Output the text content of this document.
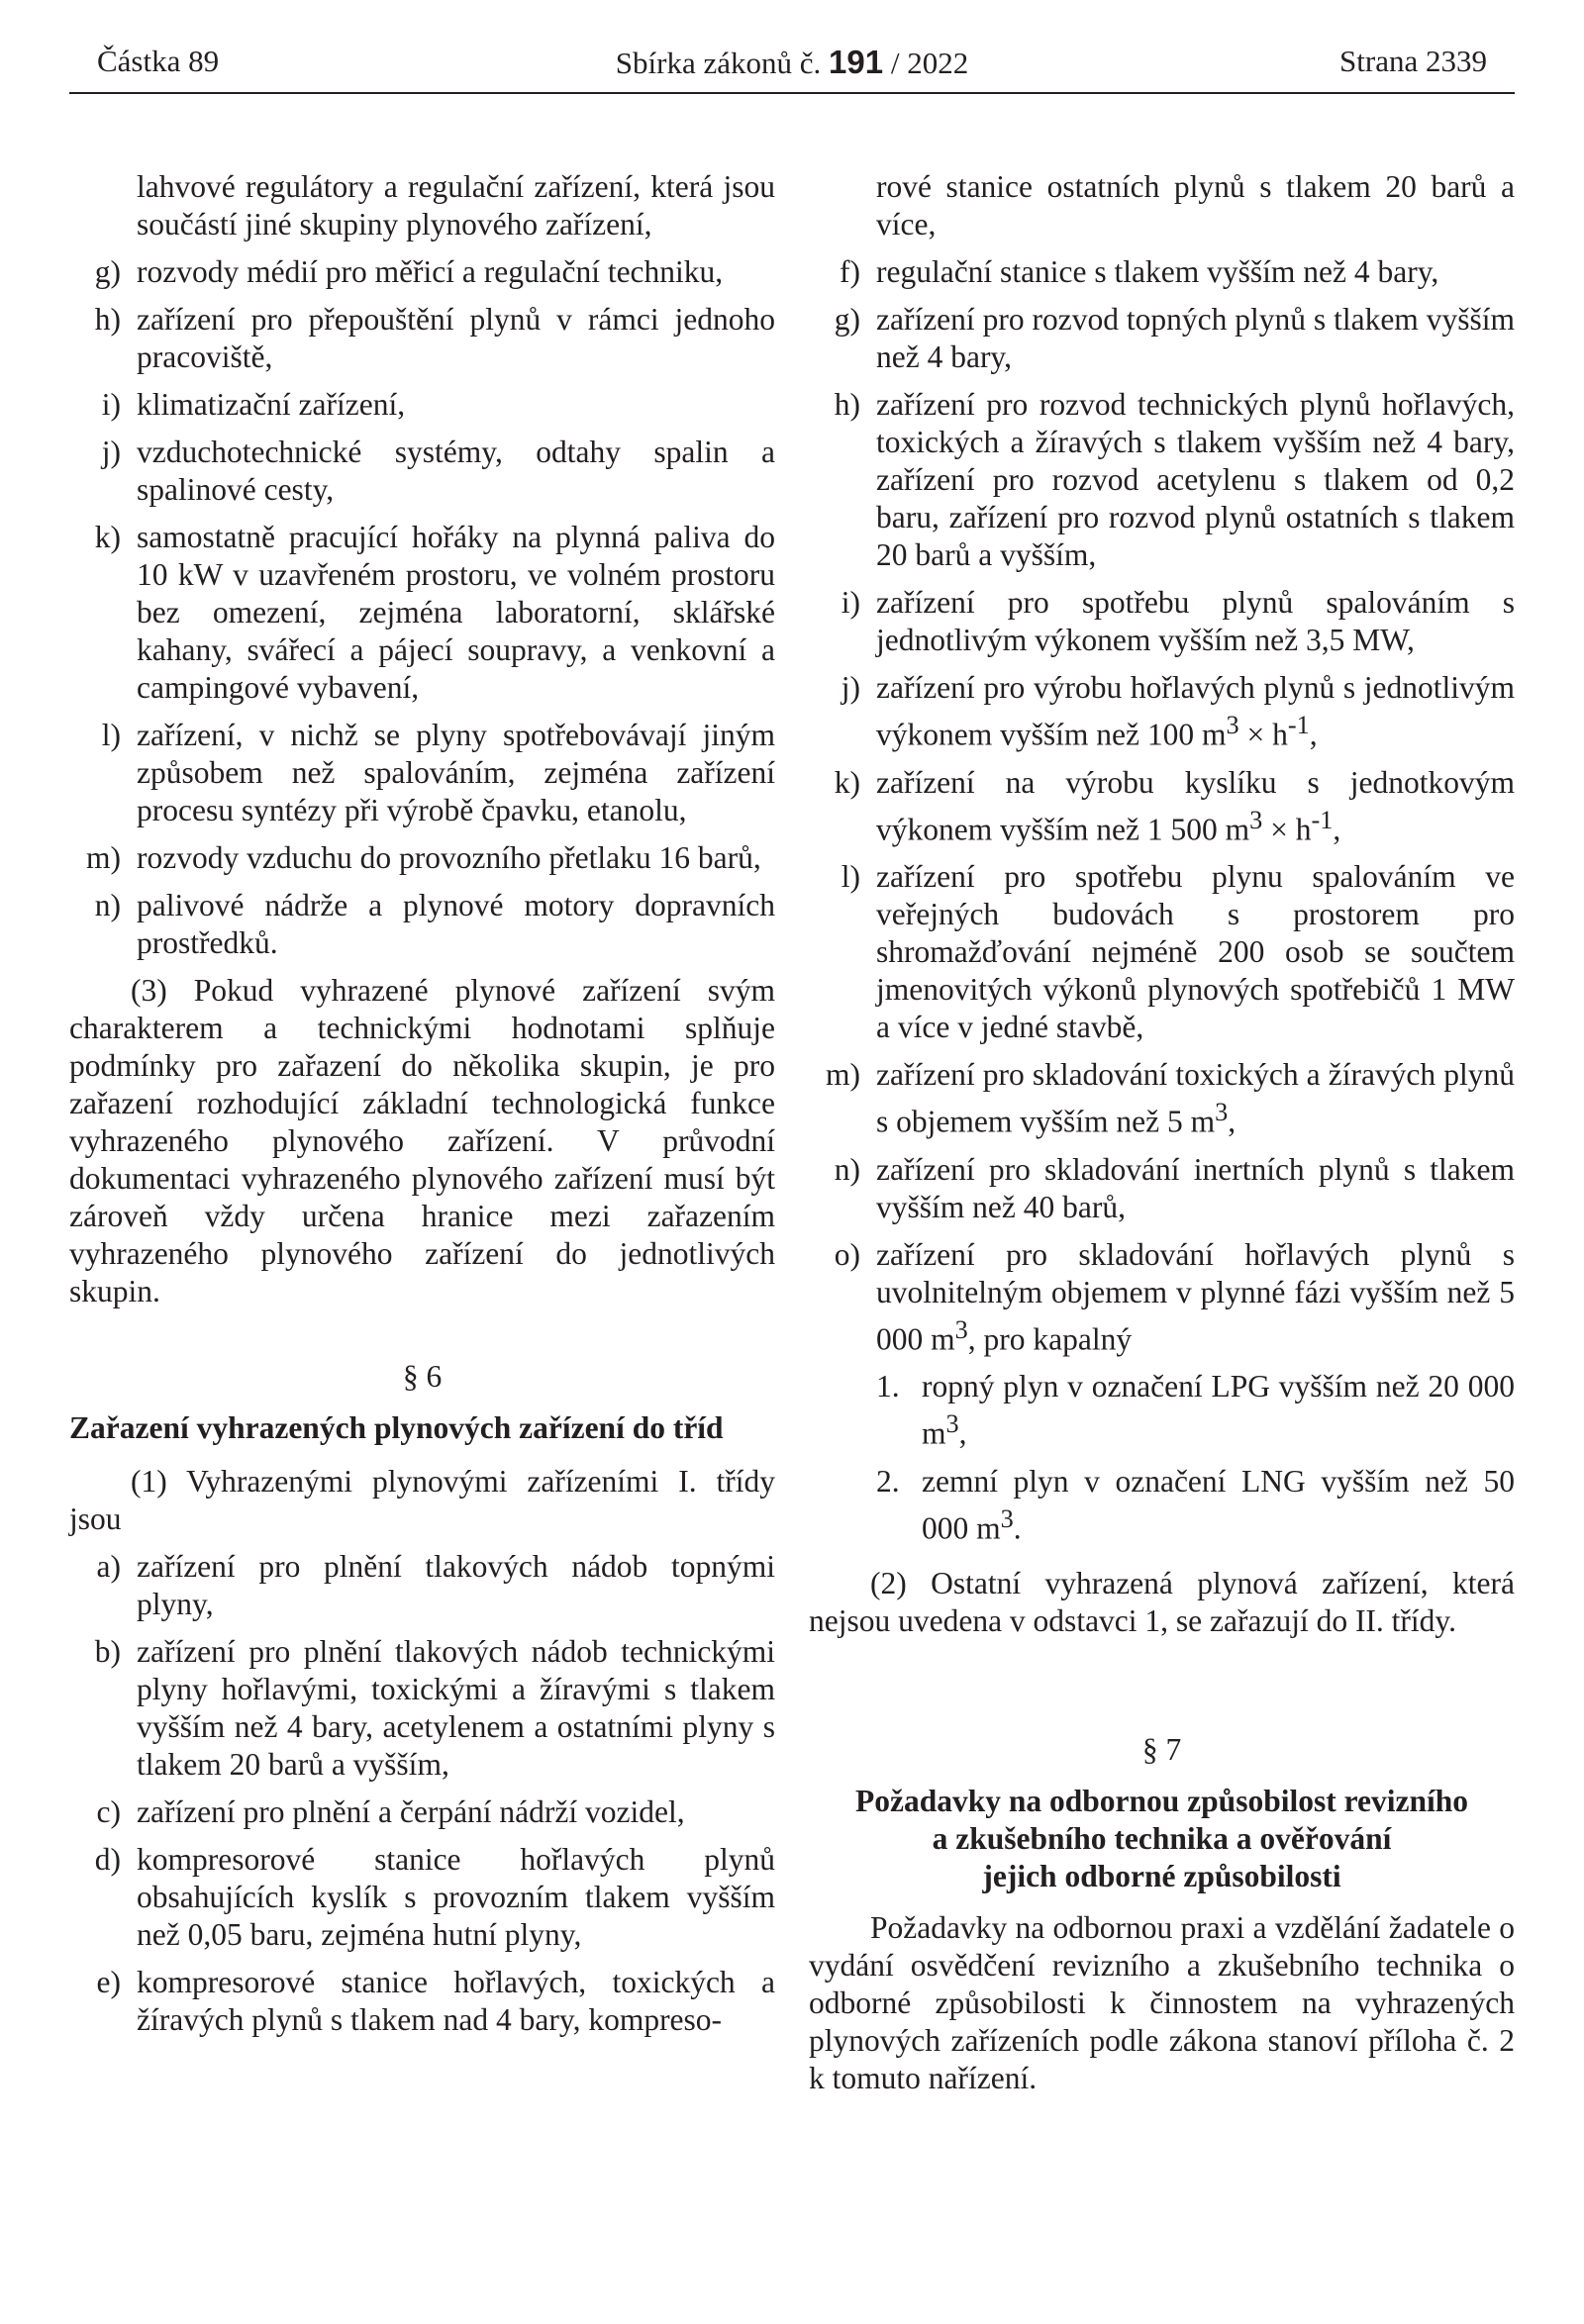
Částka 89	Sbírka zákonů č. 191 / 2022	Strana 2339
lahvové regulátory a regulační zařízení, která jsou součástí jiné skupiny plynového zařízení,
g) rozvody médií pro měřicí a regulační techniku,
h) zařízení pro přepouštění plynů v rámci jednoho pracoviště,
i) klimatizační zařízení,
j) vzduchotechnické systémy, odtahy spalin a spalinové cesty,
k) samostatně pracující hořáky na plynná paliva do 10 kW v uzavřeném prostoru, ve volném prostoru bez omezení, zejména laboratorní, sklářské kahany, svářecí a pájecí soupravy, a venkovní a campingové vybavení,
l) zařízení, v nichž se plyny spotřebovávají jiným způsobem než spalováním, zejména zařízení procesu syntézy při výrobě čpavku, etanolu,
m) rozvody vzduchu do provozního přetlaku 16 barů,
n) palivové nádrže a plynové motory dopravních prostředků.
(3) Pokud vyhrazené plynové zařízení svým charakterem a technickými hodnotami splňuje podmínky pro zařazení do několika skupin, je pro zařazení rozhodující základní technologická funkce vyhrazeného plynového zařízení. V průvodní dokumentaci vyhrazeného plynového zařízení musí být zároveň vždy určena hranice mezi zařazením vyhrazeného plynového zařízení do jednotlivých skupin.
§ 6
Zařazení vyhrazených plynových zařízení do tříd
(1) Vyhrazenými plynovými zařízeními I. třídy jsou
a) zařízení pro plnění tlakových nádob topnými plyny,
b) zařízení pro plnění tlakových nádob technickými plyny hořlavými, toxickými a žíravými s tlakem vyšším než 4 bary, acetylenem a ostatními plyny s tlakem 20 barů a vyšším,
c) zařízení pro plnění a čerpání nádrží vozidel,
d) kompresorové stanice hořlavých plynů obsahujících kyslík s provozním tlakem vyšším než 0,05 baru, zejména hutní plyny,
e) kompresorové stanice hořlavých, toxických a žíravých plynů s tlakem nad 4 bary, kompreso-
rové stanice ostatních plynů s tlakem 20 barů a více,
f) regulační stanice s tlakem vyšším než 4 bary,
g) zařízení pro rozvod topných plynů s tlakem vyšším než 4 bary,
h) zařízení pro rozvod technických plynů hořlavých, toxických a žíravých s tlakem vyšším než 4 bary, zařízení pro rozvod acetylenu s tlakem od 0,2 baru, zařízení pro rozvod plynů ostatních s tlakem 20 barů a vyšším,
i) zařízení pro spotřebu plynů spalováním s jednotlivým výkonem vyšším než 3,5 MW,
j) zařízení pro výrobu hořlavých plynů s jednotlivým výkonem vyšším než 100 $m^3 \times h^{-1}$,
k) zařízení na výrobu kyslíku s jednotkovým výkonem vyšším než 1 500 $m^3 \times h^{-1}$,
l) zařízení pro spotřebu plynu spalováním ve veřejných budovách s prostorem pro shromažďování nejméně 200 osob se součtem jmenovitých výkonů plynových spotřebičů 1 MW a více v jedné stavbě,
m) zařízení pro skladování toxických a žíravých plynů s objemem vyšším než 5 $m^3$,
n) zařízení pro skladování inertních plynů s tlakem vyšším než 40 barů,
o) zařízení pro skladování hořlavých plynů s uvolnitelným objemem v plynné fázi vyšším než 5 000 $m^3$, pro kapalný
1. ropný plyn v označení LPG vyšším než 20 000 $m^3$,
2. zemní plyn v označení LNG vyšším než 50 000 $m^3$.
(2) Ostatní vyhrazená plynová zařízení, která nejsou uvedena v odstavci 1, se zařazují do II. třídy.
§ 7
Požadavky na odbornou způsobilost revizního
a zkušebního technika a ověřování
jejich odborné způsobilosti
Požadavky na odbornou praxi a vzdělání žadatele o vydání osvědčení revizního a zkušebního technika o odborné způsobilosti k činnostem na vyhrazených plynových zařízeních podle zákona stanoví příloha č. 2 k tomuto nařízení.
